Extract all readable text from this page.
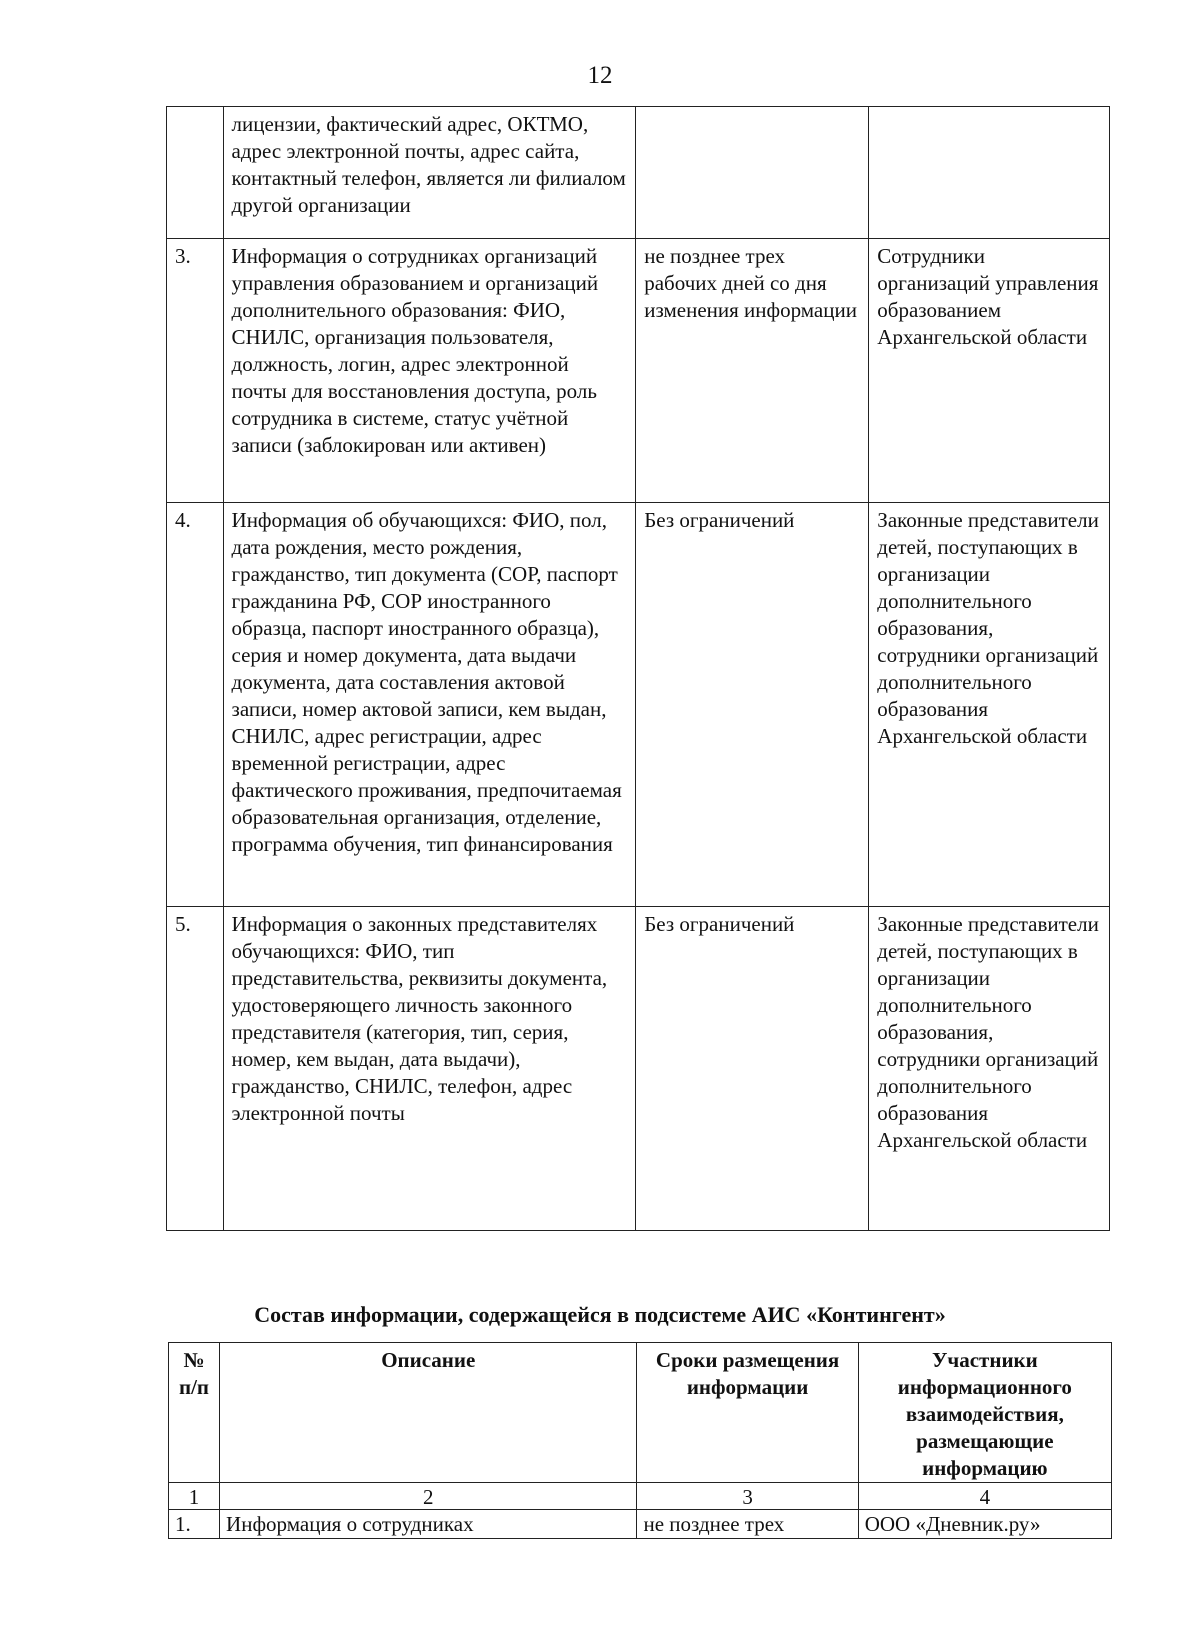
12
	лицензии, фактический адрес, ОКТМО, адрес электронной почты, адрес сайта, контактный телефон, является ли филиалом другой организации		
3.	Информация о сотрудниках организаций управления образованием и организаций дополнительного образования: ФИО, СНИЛС, организация пользователя, должность, логин, адрес электронной почты для восстановления доступа, роль сотрудника в системе, статус учётной записи (заблокирован или активен)	не позднее трех рабочих дней со дня изменения информации	Сотрудники организаций управления образованием Архангельской области
4.	Информация об обучающихся: ФИО, пол, дата рождения, место рождения, гражданство, тип документа (СОР, паспорт гражданина РФ, СОР иностранного образца, паспорт иностранного образца), серия и номер документа, дата выдачи документа, дата составления актовой записи, номер актовой записи, кем выдан, СНИЛС, адрес регистрации, адрес временной регистрации, адрес фактического проживания, предпочитаемая образовательная организация, отделение, программа обучения, тип финансирования	Без ограничений	Законные представители детей, поступающих в организации дополнительного образования, сотрудники организаций дополнительного образования Архангельской области
5.	Информация о законных представителях обучающихся: ФИО, тип представительства, реквизиты документа, удостоверяющего личность законного представителя (категория, тип, серия, номер, кем выдан, дата выдачи), гражданство, СНИЛС, телефон, адрес электронной почты	Без ограничений	Законные представители детей, поступающих в организации дополнительного образования, сотрудники организаций дополнительного образования Архангельской области
Состав информации, содержащейся в подсистеме АИС «Контингент»
№ п/п	Описание	Сроки размещения информации	Участники информационного взаимодействия, размещающие информацию
1	2	3	4
1.	Информация о сотрудниках	не позднее трех	ООО «Дневник.ру»
